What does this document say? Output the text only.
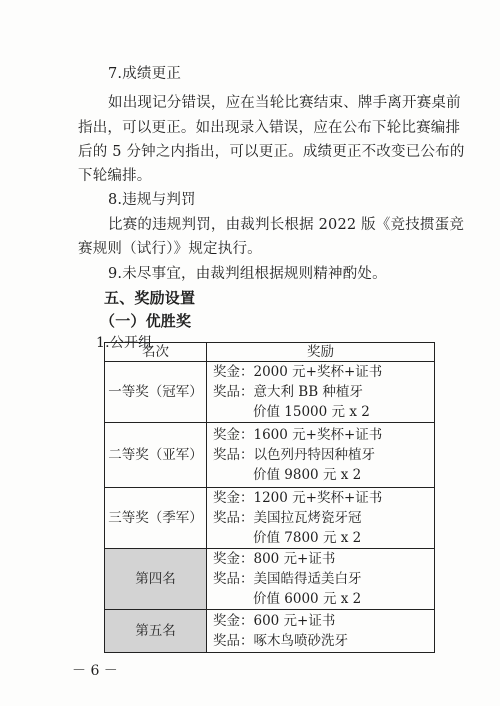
7.成绩更正
如出现记分错误，应在当轮比赛结束、牌手离开赛桌前
指出，可以更正。如出现录入错误，应在公布下轮比赛编排
后的 5 分钟之内指出，可以更正。成绩更正不改变已公布的
下轮编排。
8.违规与判罚
比赛的违规判罚，由裁判长根据 2022 版《竞技掼蛋竞
赛规则（试行）》规定执行。
9.未尽事宜，由裁判组根据规则精神酌处。
五、奖励设置
（一）优胜奖
1.公开组
名次	奖励
一等奖（冠军）	奖金：2000 元+奖杯+证书
奖品：意大利 BB 种植牙
价值 15000 元 x 2

二等奖（亚军）	奖金：1600 元+奖杯+证书
奖品：以色列丹特因种植牙
价值 9800 元 x 2

三等奖（季军）	奖金：1200 元+奖杯+证书
奖品：美国拉瓦烤瓷牙冠
价值 7800 元 x 2

第四名	奖金：800 元+证书
奖品：美国皓得适美白牙
价值 6000 元 x 2

第五名	奖金：600 元+证书
奖品：啄木鸟喷砂洗牙
－ 6 －
